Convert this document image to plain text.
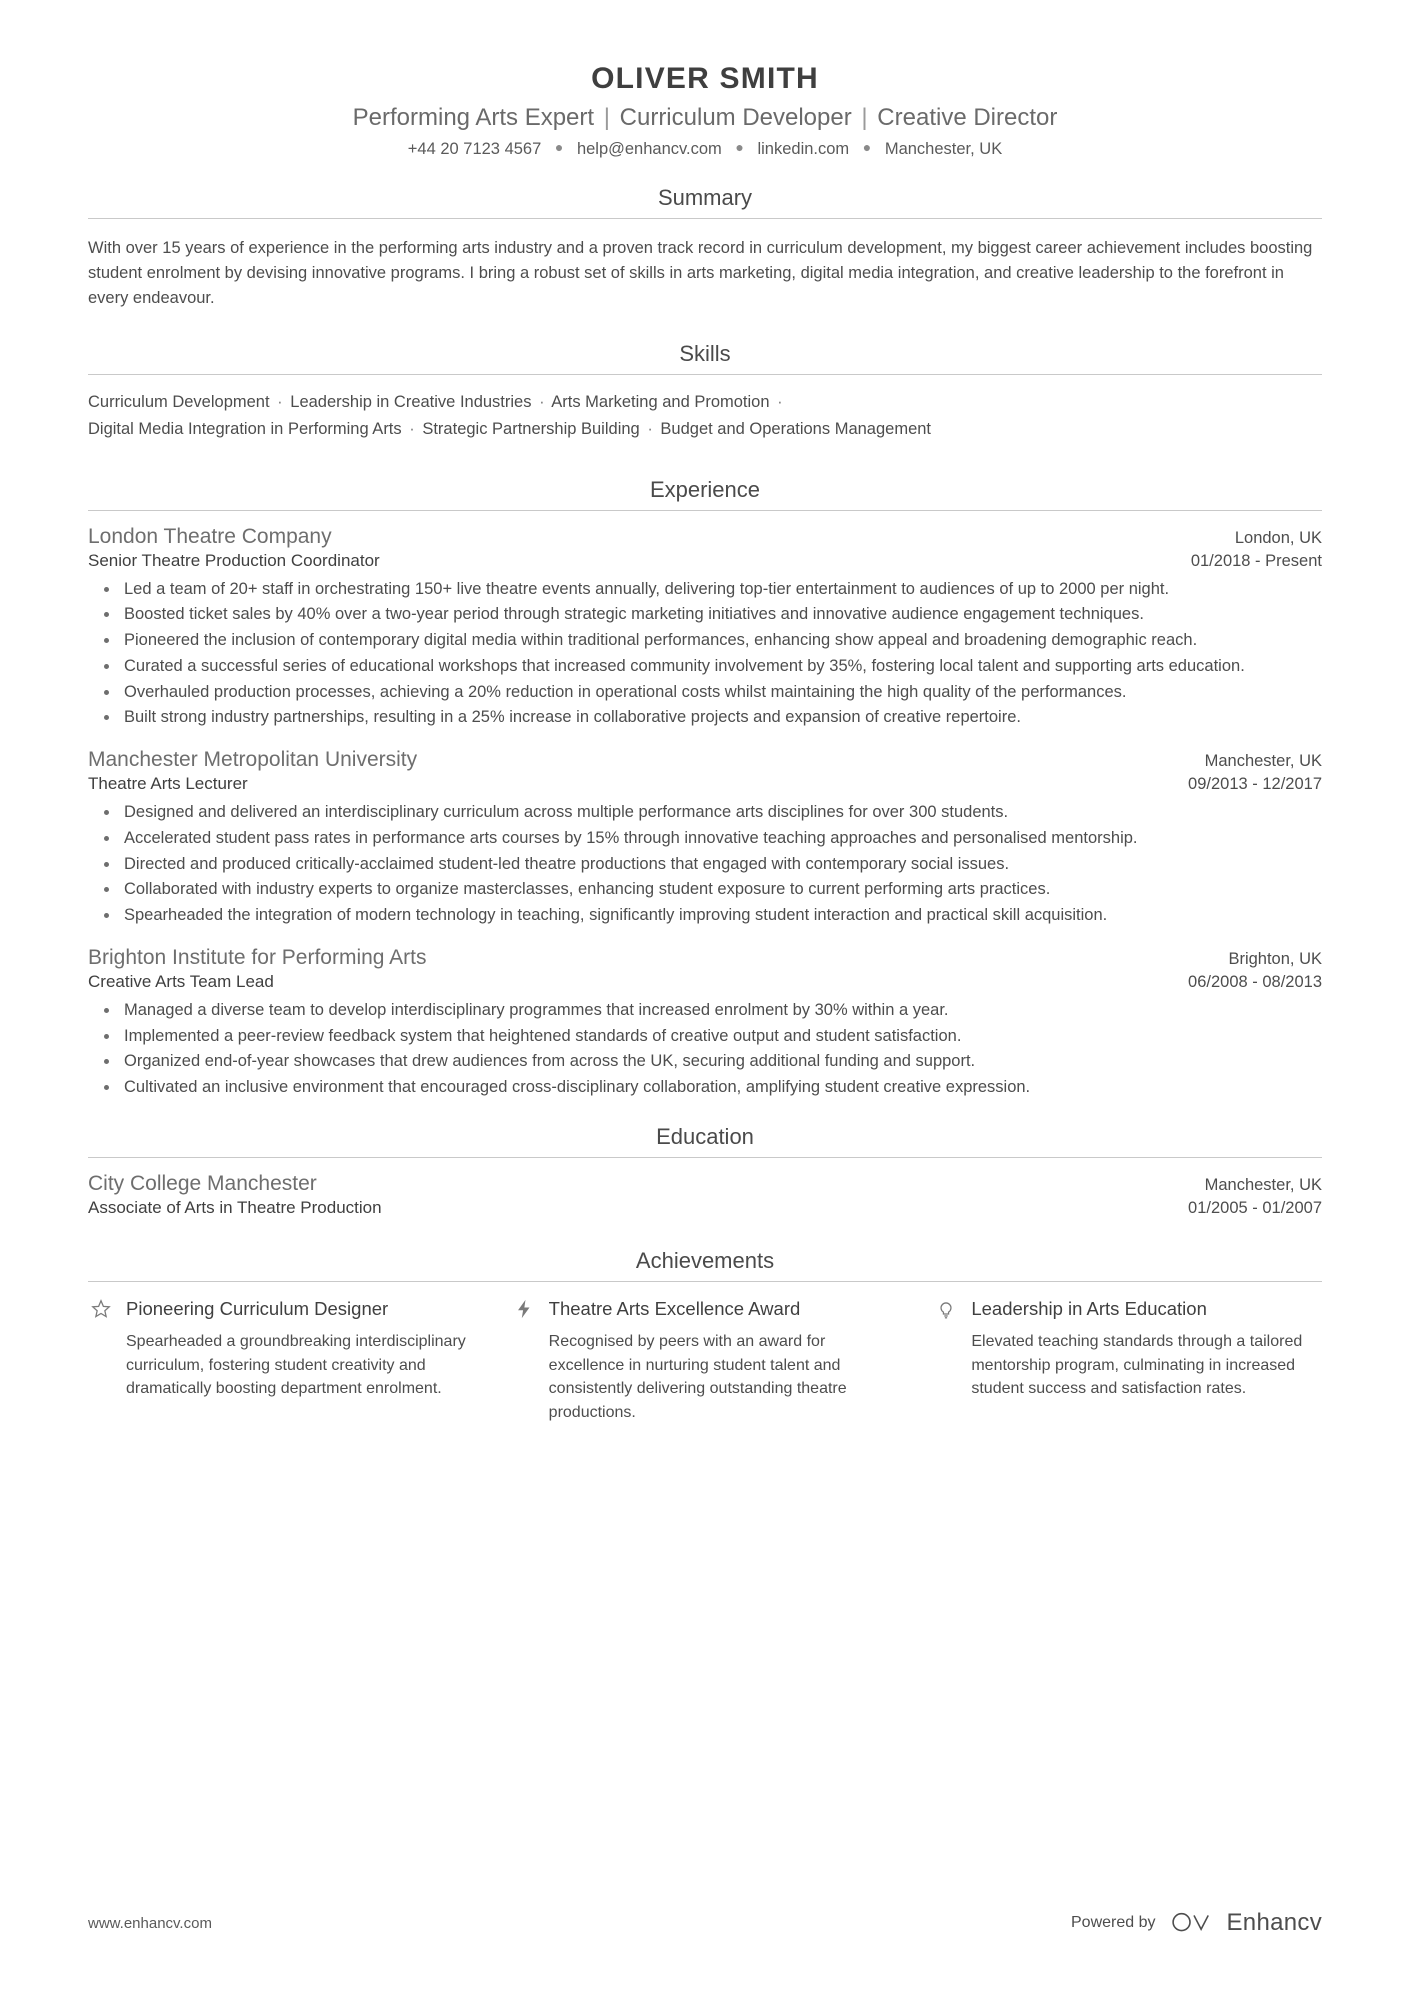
OLIVER SMITH
Performing Arts Expert | Curriculum Developer | Creative Director
+44 20 7123 4567 ● help@enhancv.com ● linkedin.com ● Manchester, UK
Summary

With over 15 years of experience in the performing arts industry and a proven track record in curriculum development, my biggest career achievement includes boosting student enrolment by devising innovative programs. I bring a robust set of skills in arts marketing, digital media integration, and creative leadership to the forefront in every endeavour.

Skills
Curriculum Development · Leadership in Creative Industries · Arts Marketing and Promotion ·
Digital Media Integration in Performing Arts · Strategic Partnership Building · Budget and Operations Management
Experience
London Theatre Company	London, UK
Senior Theatre Production Coordinator	01/2018 - Present
Led a team of 20+ staff in orchestrating 150+ live theatre events annually, delivering top-tier entertainment to audiences of up to 2000 per night.
Boosted ticket sales by 40% over a two-year period through strategic marketing initiatives and innovative audience engagement techniques.
Pioneered the inclusion of contemporary digital media within traditional performances, enhancing show appeal and broadening demographic reach.
Curated a successful series of educational workshops that increased community involvement by 35%, fostering local talent and supporting arts education.
Overhauled production processes, achieving a 20% reduction in operational costs whilst maintaining the high quality of the performances.
Built strong industry partnerships, resulting in a 25% increase in collaborative projects and expansion of creative repertoire.
Manchester Metropolitan University	Manchester, UK
Theatre Arts Lecturer	09/2013 - 12/2017
Designed and delivered an interdisciplinary curriculum across multiple performance arts disciplines for over 300 students.
Accelerated student pass rates in performance arts courses by 15% through innovative teaching approaches and personalised mentorship.
Directed and produced critically-acclaimed student-led theatre productions that engaged with contemporary social issues.
Collaborated with industry experts to organize masterclasses, enhancing student exposure to current performing arts practices.
Spearheaded the integration of modern technology in teaching, significantly improving student interaction and practical skill acquisition.
Brighton Institute for Performing Arts	Brighton, UK
Creative Arts Team Lead	06/2008 - 08/2013
Managed a diverse team to develop interdisciplinary programmes that increased enrolment by 30% within a year.
Implemented a peer-review feedback system that heightened standards of creative output and student satisfaction.
Organized end-of-year showcases that drew audiences from across the UK, securing additional funding and support.
Cultivated an inclusive environment that encouraged cross-disciplinary collaboration, amplifying student creative expression.
Education
City College Manchester	Manchester, UK
Associate of Arts in Theatre Production	01/2005 - 01/2007
Achievements
Pioneering Curriculum Designer
Spearheaded a groundbreaking interdisciplinary curriculum, fostering student creativity and dramatically boosting department enrolment.
Theatre Arts Excellence Award
Recognised by peers with an award for excellence in nurturing student talent and consistently delivering outstanding theatre productions.
Leadership in Arts Education
Elevated teaching standards through a tailored mentorship program, culminating in increased student success and satisfaction rates.
www.enhancv.com	Powered by	Enhancv
